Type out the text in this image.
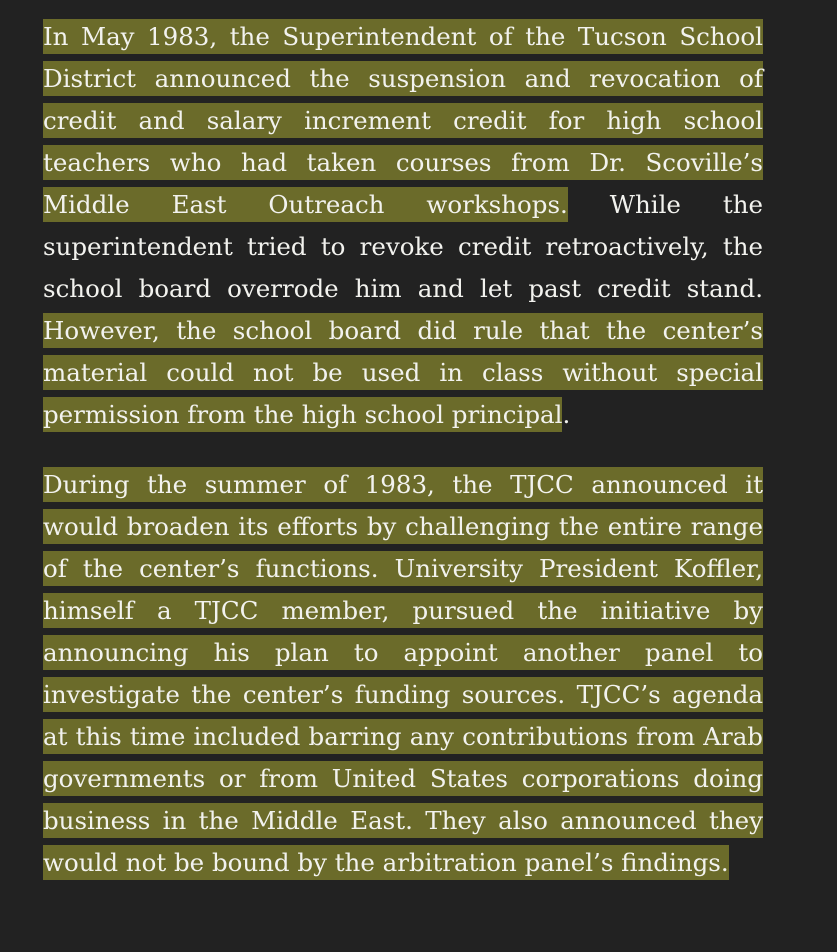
In May 1983, the Superintendent of the Tucson School District announced the suspension and revocation of credit and salary increment credit for high school teachers who had taken courses from Dr. Scoville’s Middle East Outreach workshops. While the superintendent tried to revoke credit retroactively, the school board overrode him and let past credit stand. However, the school board did rule that the center’s material could not be used in class without special permission from the high school principal.

During the summer of 1983, the TJCC announced it would broaden its efforts by challenging the entire range of the center’s functions. University President Koffler, himself a TJCC member, pursued the initiative by announcing his plan to appoint another panel to investigate the center’s funding sources. TJCC’s agenda at this time included barring any contributions from Arab governments or from United States corporations doing business in the Middle East. They also announced they would not be bound by the arbitration panel’s findings.
